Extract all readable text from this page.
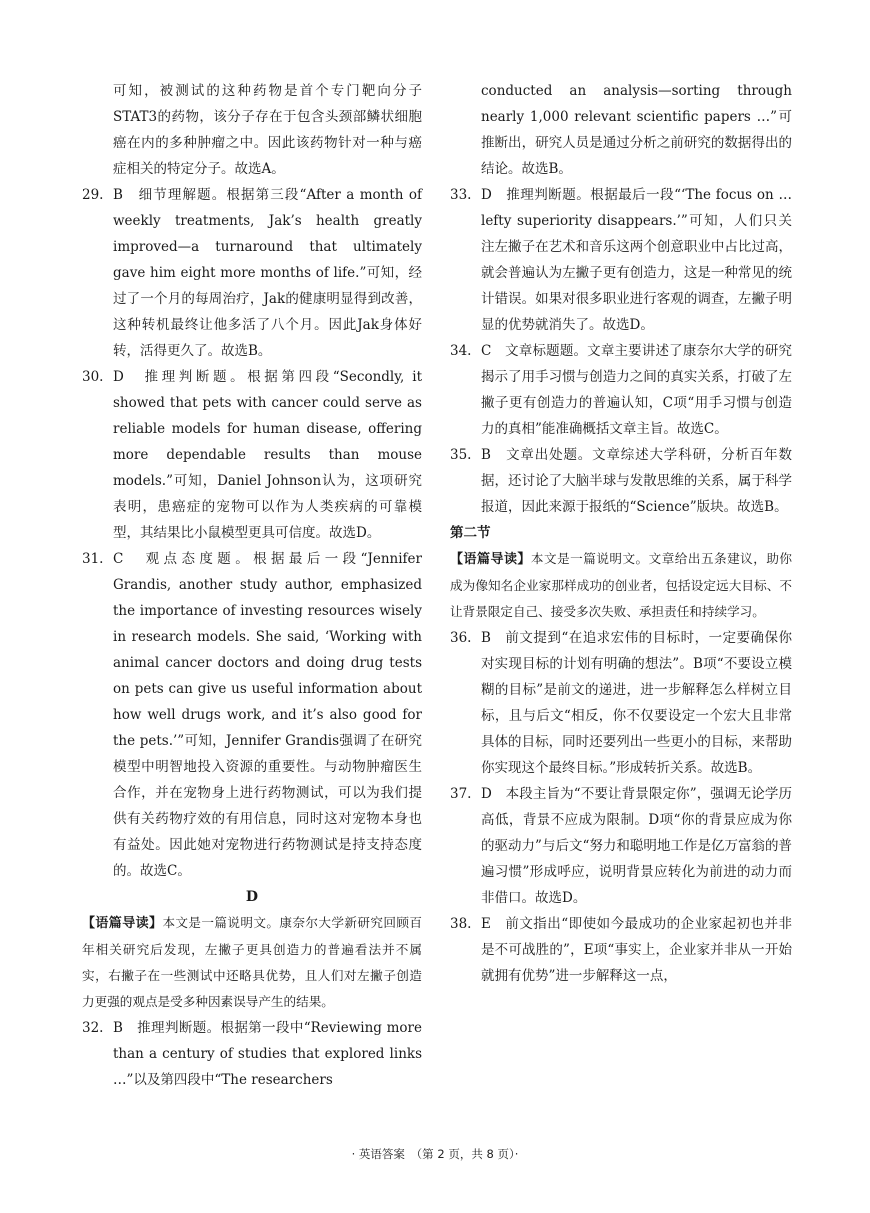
可知，被测试的这种药物是首个专门靶向分子STAT3的药物，该分子存在于包含头颈部鳞状细胞癌在内的多种肿瘤之中。因此该药物针对一种与癌症相关的特定分子。故选A。

29. B　细节理解题。根据第三段“After a month of weekly treatments, Jak’s health greatly improved—a turnaround that ultimately gave him eight more months of life.”可知，经过了一个月的每周治疗，Jak的健康明显得到改善，这种转机最终让他多活了八个月。因此Jak身体好转，活得更久了。故选B。
30. D　推理判断题。根据第四段“Secondly, it showed that pets with cancer could serve as reliable models for human disease, offering more dependable results than mouse models.”可知，Daniel Johnson认为，这项研究表明，患癌症的宠物可以作为人类疾病的可靠模型，其结果比小鼠模型更具可信度。故选D。
31. C　观点态度题。根据最后一段“Jennifer Grandis, another study author, emphasized the importance of investing resources wisely in research models. She said, ‘Working with animal cancer doctors and doing drug tests on pets can give us useful information about how well drugs work, and it’s also good for the pets.’”可知，Jennifer Grandis强调了在研究模型中明智地投入资源的重要性。与动物肿瘤医生合作，并在宠物身上进行药物测试，可以为我们提供有关药物疗效的有用信息，同时这对宠物本身也有益处。因此她对宠物进行药物测试是持支持态度的。故选C。

D

【语篇导读】本文是一篇说明文。康奈尔大学新研究回顾百年相关研究后发现，左撇子更具创造力的普遍看法并不属实，右撇子在一些测试中还略具优势，且人们对左撇子创造力更强的观点是受多种因素误导产生的结果。

32. B　推理判断题。根据第一段中“Reviewing more than a century of studies that explored links …”以及第四段中“The researchers

conducted an analysis—sorting through nearly 1,000 relevant scientific papers …”可推断出，研究人员是通过分析之前研究的数据得出的结论。故选B。

33. D　推理判断题。根据最后一段“‘The focus on … lefty superiority disappears.’”可知，人们只关注左撇子在艺术和音乐这两个创意职业中占比过高，就会普遍认为左撇子更有创造力，这是一种常见的统计错误。如果对很多职业进行客观的调查，左撇子明显的优势就消失了。故选D。
34. C　文章标题题。文章主要讲述了康奈尔大学的研究揭示了用手习惯与创造力之间的真实关系，打破了左撇子更有创造力的普遍认知，C项“用手习惯与创造力的真相”能准确概括文章主旨。故选C。
35. B　文章出处题。文章综述大学科研，分析百年数据，还讨论了大脑半球与发散思维的关系，属于科学报道，因此来源于报纸的“Science”版块。故选B。

第二节

【语篇导读】本文是一篇说明文。文章给出五条建议，助你成为像知名企业家那样成功的创业者，包括设定远大目标、不让背景限定自己、接受多次失败、承担责任和持续学习。

36. B　前文提到“在追求宏伟的目标时，一定要确保你对实现目标的计划有明确的想法”。B项“不要设立模糊的目标”是前文的递进，进一步解释怎么样树立目标，且与后文“相反，你不仅要设定一个宏大且非常具体的目标，同时还要列出一些更小的目标，来帮助你实现这个最终目标。”形成转折关系。故选B。
37. D　本段主旨为“不要让背景限定你”，强调无论学历高低，背景不应成为限制。D项“你的背景应成为你的驱动力”与后文“努力和聪明地工作是亿万富翁的普遍习惯”形成呼应，说明背景应转化为前进的动力而非借口。故选D。
38. E　前文指出“即使如今最成功的企业家起初也并非是不可战胜的”，E项“事实上，企业家并非从一开始就拥有优势”进一步解释这一点，
· 英语答案　（第 2 页，共 8 页）·
